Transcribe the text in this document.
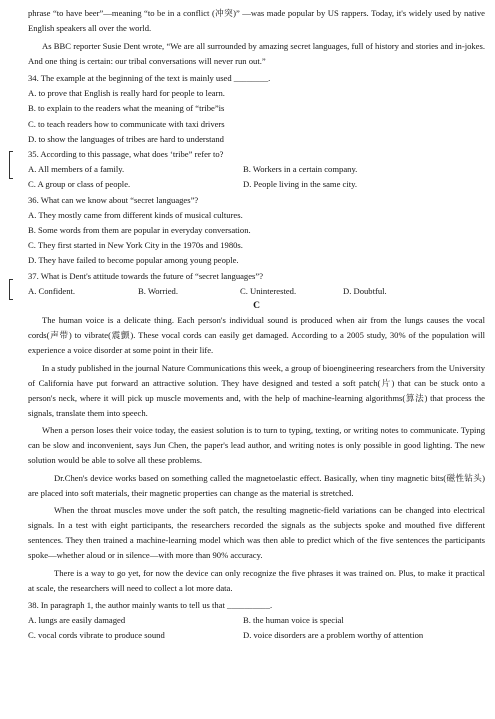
phrase “to have beer”—meaning “to be in a conflict (冲突)” —was made popular by US rappers. Today, it's widely used by native English speakers all over the world.

As BBC reporter Susie Dent wrote, “We are all surrounded by amazing secret languages, full of history and stories and in-jokes. And one thing is certain: our tribal conversations will never run out.”

34. The example at the beginning of the text is mainly used ________.

A. to prove that English is really hard for people to learn.

B. to explain to the readers what the meaning of “tribe”is

C. to teach readers how to communicate with taxi drivers

D. to show the languages of tribes are hard to understand

35. According to this passage, what does ‘tribe” refer to?

A. All members of a family.	B. Workers in a certain company.
C. A group or class of people.	D. People living in the same city.

36. What can we know about “secret languages”?

A. They mostly came from different kinds of musical cultures.

B. Some words from them are popular in everyday conversation.

C. They first started in New York City in the 1970s and 1980s.

D. They have failed to become popular among young people.

37. What is Dent's attitude towards the future of “secret languages”?

A. Confident.	B. Worried.	C. Uninterested.	D. Doubtful.

C

The human voice is a delicate thing. Each person's individual sound is produced when air from the lungs causes the vocal cords(声带) to vibrate(震颤). These vocal cords can easily get damaged. According to a 2005 study, 30% of the population will experience a voice disorder at some point in their life.

In a study published in the journal Nature Communications this week, a group of bioengineering researchers from the University of California have put forward an attractive solution. They have designed and tested a soft patch(片) that can be stuck onto a person's neck, where it will pick up muscle movements and, with the help of machine-learning algorithms(算法) that process the signals, translate them into speech.

When a person loses their voice today, the easiest solution is to turn to typing, texting, or writing notes to communicate. Typing can be slow and inconvenient, says Jun Chen, the paper's lead author, and writing notes is only possible in good lighting. The new solution would be able to solve all these problems.

Dr.Chen's device works based on something called the magnetoelastic effect. Basically, when tiny magnetic bits(磁性钻头) are placed into soft materials, their magnetic properties can change as the material is stretched.

When the throat muscles move under the soft patch, the resulting magnetic-field variations can be changed into electrical signals. In a test with eight participants, the researchers recorded the signals as the subjects spoke and mouthed five different sentences. They then trained a machine-learning model which was then able to predict which of the five sentences the participants spoke—whether aloud or in silence—with more than 90% accuracy.

There is a way to go yet, for now the device can only recognize the five phrases it was trained on. Plus, to make it practical at scale, the researchers will need to collect a lot more data.

38. In paragraph 1, the author mainly wants to tell us that __________.

A. lungs are easily damaged	B. the human voice is special
C. vocal cords vibrate to produce sound	D. voice disorders are a problem worthy of attention
